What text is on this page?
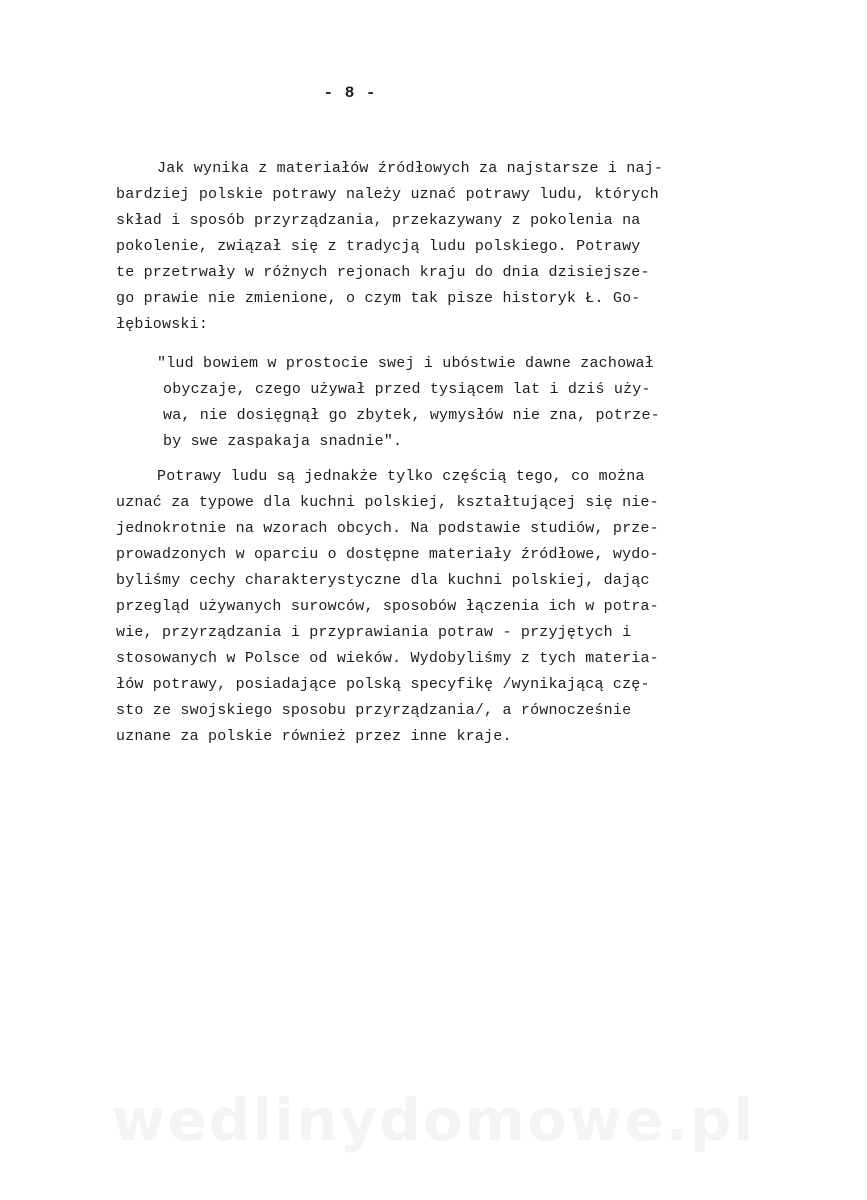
- 8 -
Jak wynika z materiałów źródłowych za najstarsze i naj-
bardziej polskie potrawy należy uznać potrawy ludu, których
skład i sposób przyrządzania, przekazywany z pokolenia na
pokolenie, związał się z tradycją ludu polskiego. Potrawy
te przetrwały w różnych rejonach kraju do dnia dzisiejsze-
go prawie nie zmienione, o czym tak pisze historyk Ł. Go-
łębiowski:
"lud bowiem w prostocie swej i ubóstwie dawne zachował
obyczaje, czego używał przed tysiącem lat i dziś uży-
wa, nie dosięgnął go zbytek, wymysłów nie zna, potrze-
by swe zaspakaja snadnie".
Potrawy ludu są jednakże tylko częścią tego, co można
uznać za typowe dla kuchni polskiej, kształtującej się nie-
jednokrotnie na wzorach obcych. Na podstawie studiów, prze-
prowadzonych w oparciu o dostępne materiały źródłowe, wydo-
byliśmy cechy charakterystyczne dla kuchni polskiej, dając
przegląd używanych surowców, sposobów łączenia ich w potra-
wie, przyrządzania i przyprawiania potraw - przyjętych i
stosowanych w Polsce od wieków. Wydobyliśmy z tych materia-
łów potrawy, posiadające polską specyfikę /wynikającą czę-
sto ze swojskiego sposobu przyrządzania/, a równocześnie
uznane za polskie również przez inne kraje.
wedlinydomowe.pl
